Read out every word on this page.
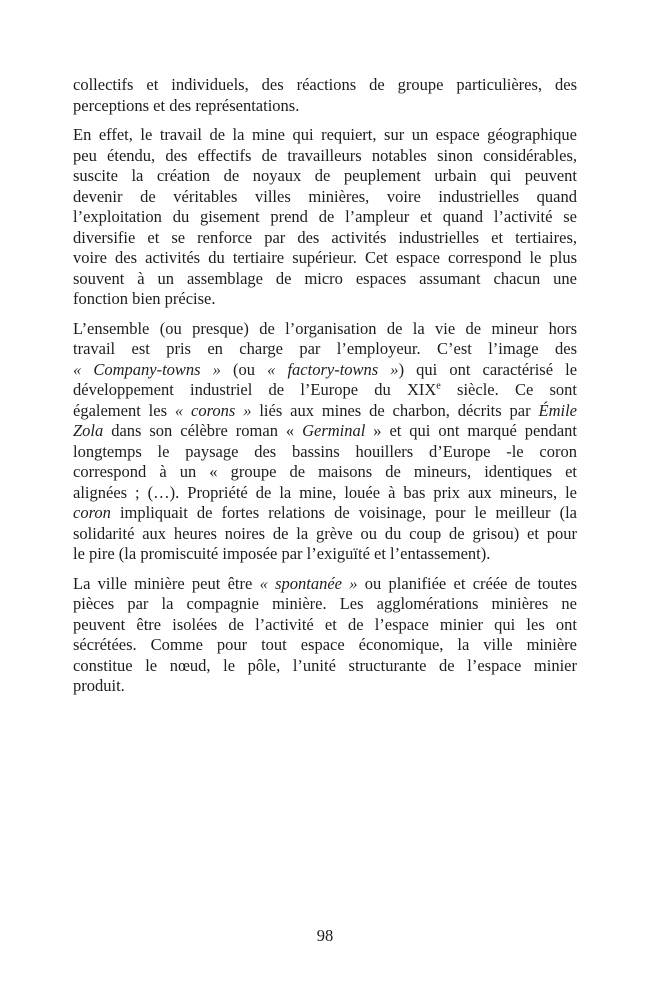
collectifs et individuels, des réactions de groupe particulières, des
perceptions et des représentations.
En effet, le travail de la mine qui requiert, sur un espace géographique
peu étendu, des effectifs de travailleurs notables sinon considérables,
suscite la création de noyaux de peuplement urbain qui peuvent
devenir de véritables villes minières, voire industrielles quand
l’exploitation du gisement prend de l’ampleur et quand l’activité se
diversifie et se renforce par des activités industrielles et tertiaires,
voire des activités du tertiaire supérieur. Cet espace correspond le plus
souvent à un assemblage de micro espaces assumant chacun une
fonction bien précise.
L’ensemble (ou presque) de l’organisation de la vie de mineur hors
travail est pris en charge par l’employeur. C’est l’image des
« Company-towns » (ou « factory-towns ») qui ont caractérisé le
développement industriel de l’Europe du XIXe siècle. Ce sont
également les « corons » liés aux mines de charbon, décrits par Émile
Zola dans son célèbre roman « Germinal » et qui ont marqué pendant
longtemps le paysage des bassins houillers d’Europe -le coron
correspond à un « groupe de maisons de mineurs, identiques et
alignées ; (…). Propriété de la mine, louée à bas prix aux mineurs, le
coron impliquait de fortes relations de voisinage, pour le meilleur (la
solidarité aux heures noires de la grève ou du coup de grisou) et pour
le pire (la promiscuité imposée par l’exiguïté et l’entassement).
La ville minière peut être « spontanée » ou planifiée et créée de toutes
pièces par la compagnie minière. Les agglomérations minières ne
peuvent être isolées de l’activité et de l’espace minier qui les ont
sécrétées. Comme pour tout espace économique, la ville minière
constitue le nœud, le pôle, l’unité structurante de l’espace minier
produit.
98
